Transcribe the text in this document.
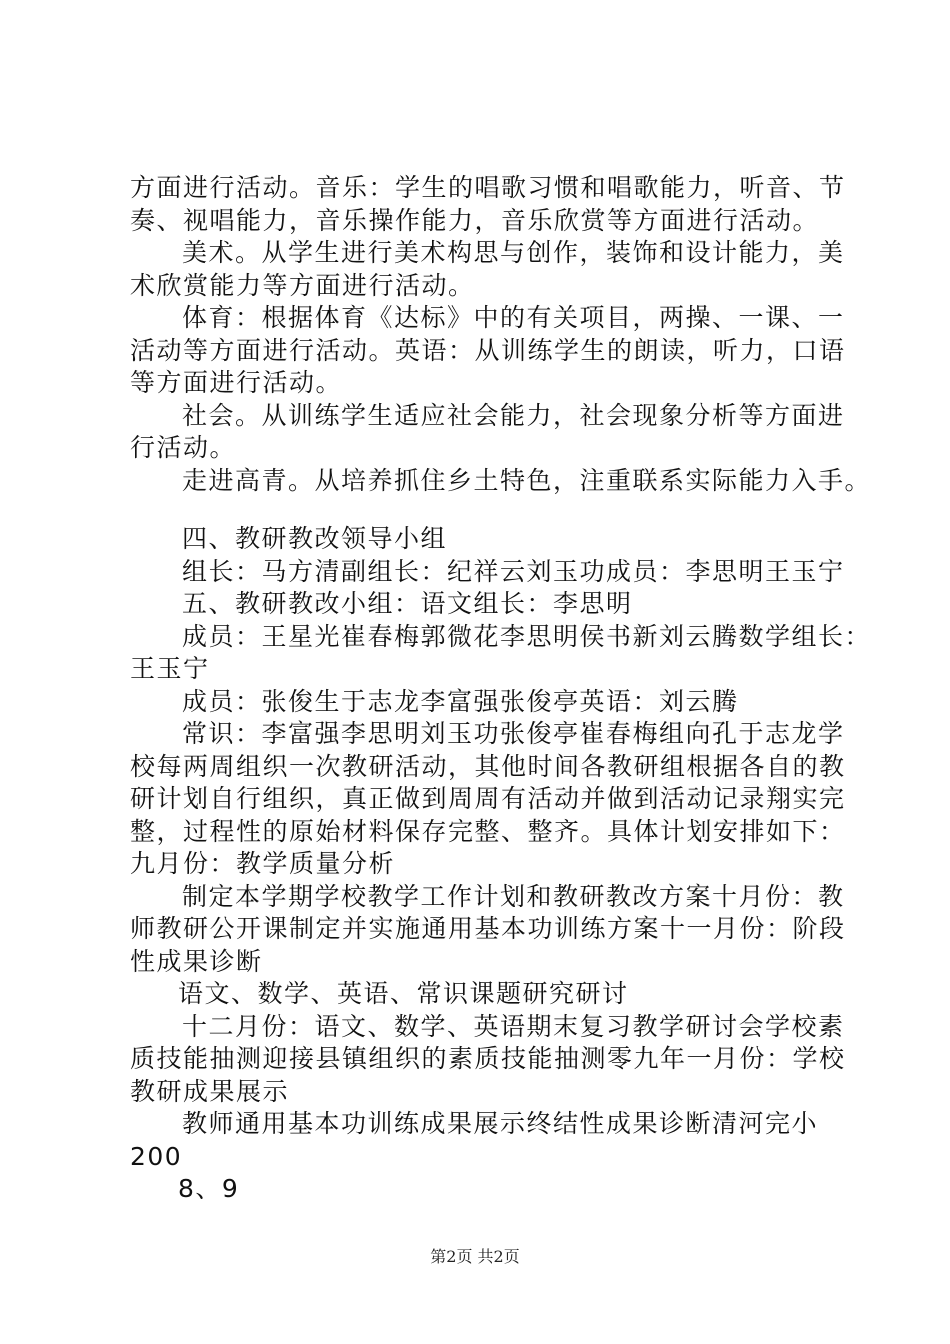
方面进行活动。音乐：学生的唱歌习惯和唱歌能力，听音、节
奏、视唱能力，音乐操作能力，音乐欣赏等方面进行活动。
美术。从学生进行美术构思与创作，装饰和设计能力，美
术欣赏能力等方面进行活动。
体育：根据体育《达标》中的有关项目，两操、一课、一
活动等方面进行活动。英语：从训练学生的朗读，听力，口语
等方面进行活动。
社会。从训练学生适应社会能力，社会现象分析等方面进
行活动。
走进高青。从培养抓住乡土特色，注重联系实际能力入手。
四、教研教改领导小组
组长：马方清副组长：纪祥云刘玉功成员：李思明王玉宁
五、教研教改小组：语文组长：李思明
成员：王星光崔春梅郭微花李思明侯书新刘云腾数学组长：
王玉宁
成员：张俊生于志龙李富强张俊亭英语：刘云腾
常识：李富强李思明刘玉功张俊亭崔春梅组向孔于志龙学
校每两周组织一次教研活动，其他时间各教研组根据各自的教
研计划自行组织，真正做到周周有活动并做到活动记录翔实完
整，过程性的原始材料保存完整、整齐。具体计划安排如下：
九月份：教学质量分析
制定本学期学校教学工作计划和教研教改方案十月份：教
师教研公开课制定并实施通用基本功训练方案十一月份：阶段
性成果诊断
语文、数学、英语、常识课题研究研讨
十二月份：语文、数学、英语期末复习教学研讨会学校素
质技能抽测迎接县镇组织的素质技能抽测零九年一月份：学校
教研成果展示
教师通用基本功训练成果展示终结性成果诊断清河完小
200
8、9
第2页 共2页
